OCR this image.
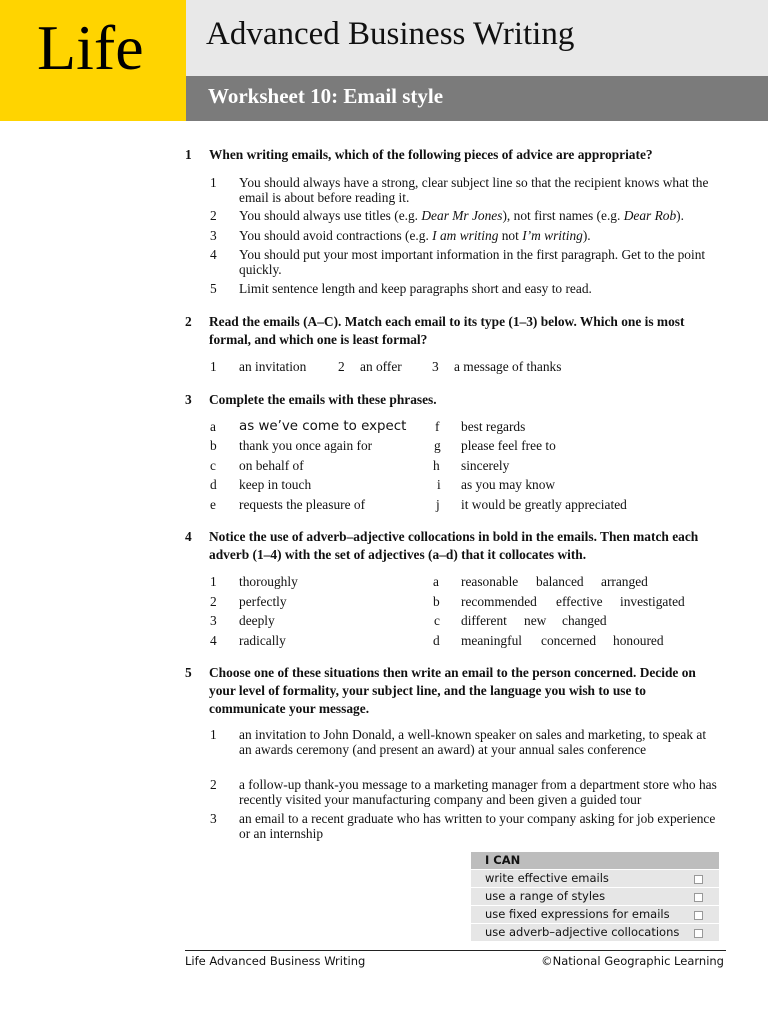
Life Advanced Business Writing
Worksheet 10: Email style
1 When writing emails, which of the following pieces of advice are appropriate?
1 You should always have a strong, clear subject line so that the recipient knows what the email is about before reading it.
2 You should always use titles (e.g. Dear Mr Jones), not first names (e.g. Dear Rob).
3 You should avoid contractions (e.g. I am writing not I’m writing).
4 You should put your most important information in the first paragraph. Get to the point quickly.
5 Limit sentence length and keep paragraphs short and easy to read.
2 Read the emails (A–C). Match each email to its type (1–3) below. Which one is most formal, and which one is least formal?
1 an invitation 2 an offer 3 a message of thanks
3 Complete the emails with these phrases.
a as we’ve come to expect
b thank you once again for
c on behalf of
d keep in touch
e requests the pleasure of
f best regards
g please feel free to
h sincerely
i as you may know
j it would be greatly appreciated
4 Notice the use of adverb–adjective collocations in bold in the emails. Then match each adverb (1–4) with the set of adjectives (a–d) that it collocates with.
1 thoroughly
2 perfectly
3 deeply
4 radically
a reasonable balanced arranged
b recommended effective investigated
c different new changed
d meaningful concerned honoured
5 Choose one of these situations then write an email to the person concerned. Decide on your level of formality, your subject line, and the language you wish to use to communicate your message.
1 an invitation to John Donald, a well-known speaker on sales and marketing, to speak at an awards ceremony (and present an award) at your annual sales conference
2 a follow-up thank-you message to a marketing manager from a department store who has recently visited your manufacturing company and been given a guided tour
3 an email to a recent graduate who has written to your company asking for job experience or an internship
I CAN
write effective emails
use a range of styles
use fixed expressions for emails
use adverb–adjective collocations
Life Advanced Business Writing	©National Geographic Learning
